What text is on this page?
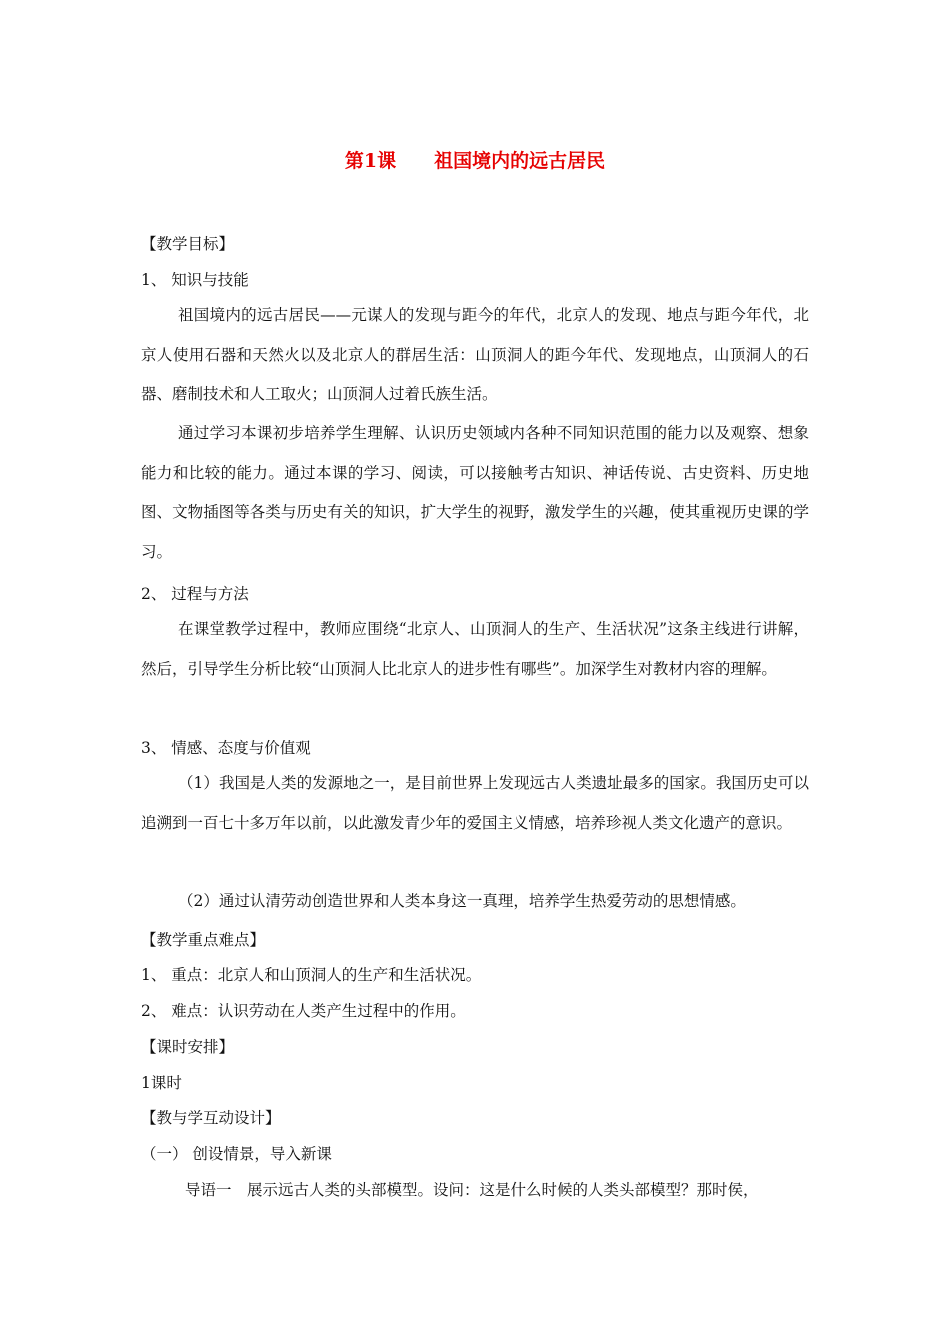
第1课　　祖国境内的远古居民
【教学目标】
1、 知识与技能
祖国境内的远古居民——元谋人的发现与距今的年代，北京人的发现、地点与距今年代，北京人使用石器和天然火以及北京人的群居生活：山顶洞人的距今年代、发现地点，山顶洞人的石器、磨制技术和人工取火；山顶洞人过着氏族生活。
通过学习本课初步培养学生理解、认识历史领域内各种不同知识范围的能力以及观察、想象能力和比较的能力。通过本课的学习、阅读，可以接触考古知识、神话传说、古史资料、历史地图、文物插图等各类与历史有关的知识，扩大学生的视野，激发学生的兴趣，使其重视历史课的学习。
2、 过程与方法
在课堂教学过程中，教师应围绕“北京人、山顶洞人的生产、生活状况”这条主线进行讲解，然后，引导学生分析比较“山顶洞人比北京人的进步性有哪些”。加深学生对教材内容的理解。
3、 情感、态度与价值观
（1）我国是人类的发源地之一，是目前世界上发现远古人类遗址最多的国家。我国历史可以追溯到一百七十多万年以前，以此激发青少年的爱国主义情感，培养珍视人类文化遗产的意识。
（2）通过认清劳动创造世界和人类本身这一真理，培养学生热爱劳动的思想情感。
【教学重点难点】
1、 重点：北京人和山顶洞人的生产和生活状况。
2、 难点：认识劳动在人类产生过程中的作用。
【课时安排】
1课时
【教与学互动设计】
（一） 创设情景，导入新课
导语一　展示远古人类的头部模型。设问：这是什么时候的人类头部模型？那时侯，
